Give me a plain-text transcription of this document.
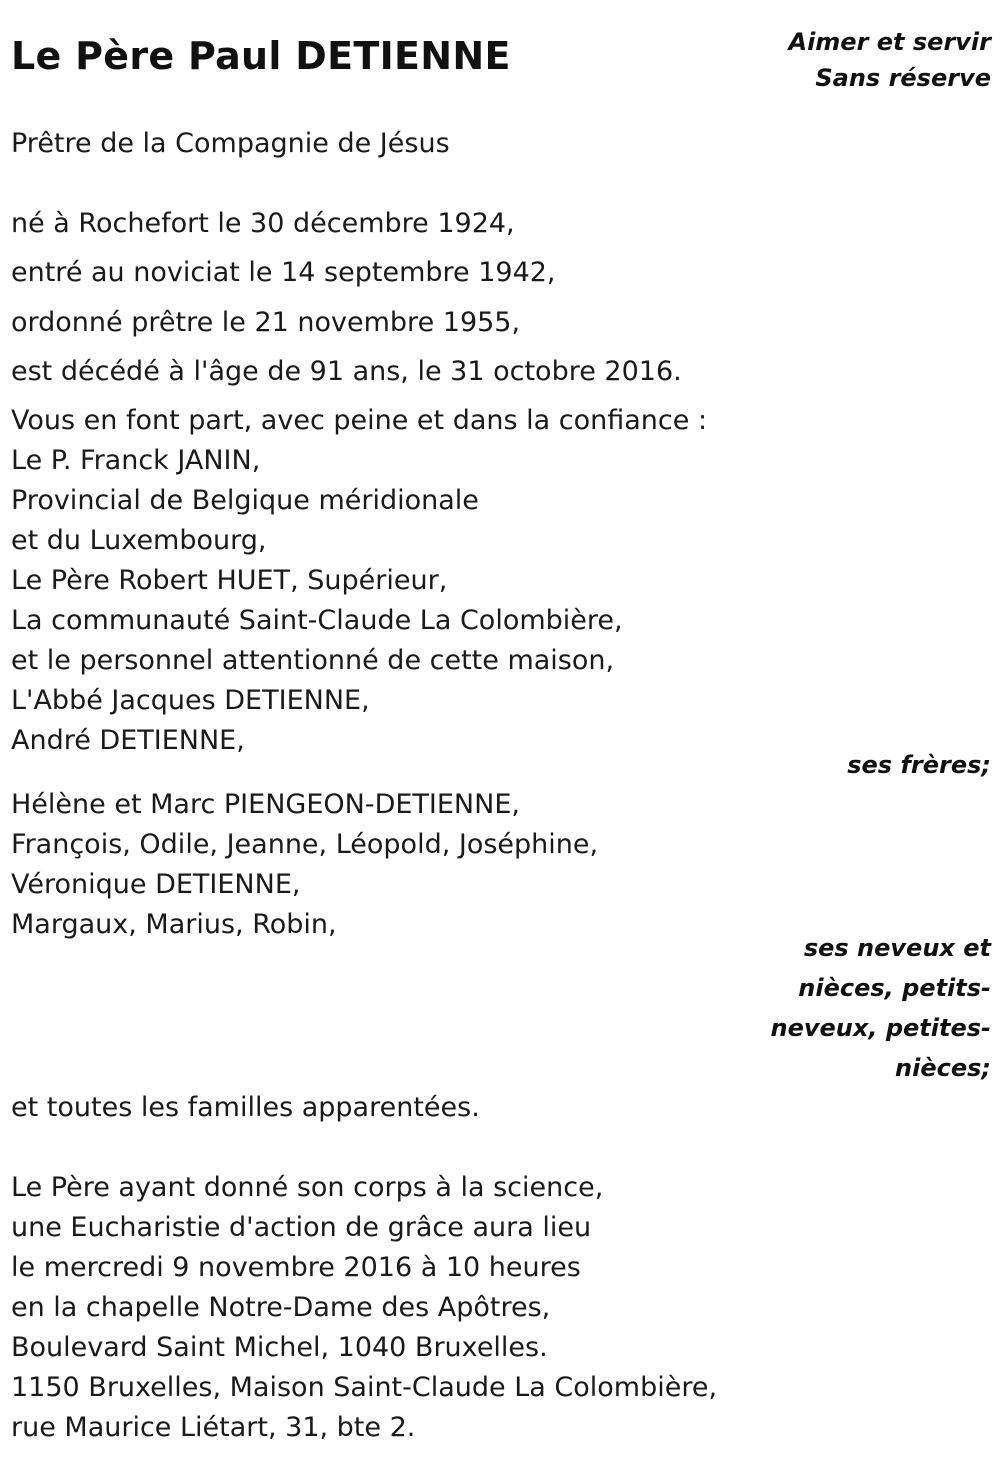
Le Père Paul DETIENNE	Aimer et servir
Sans réserve
Prêtre de la Compagnie de Jésus
né à Rochefort le 30 décembre 1924,
entré au noviciat le 14 septembre 1942,
ordonné prêtre le 21 novembre 1955,
est décédé à l'âge de 91 ans, le 31 octobre 2016.
Vous en font part, avec peine et dans la confiance :
Le P. Franck JANIN,
Provincial de Belgique méridionale
et du Luxembourg,
Le Père Robert HUET, Supérieur,
La communauté Saint-Claude La Colombière,
et le personnel attentionné de cette maison,
L'Abbé Jacques DETIENNE,
André DETIENNE,
ses frères;
Hélène et Marc PIENGEON-DETIENNE,
François, Odile, Jeanne, Léopold, Joséphine,
Véronique DETIENNE,
Margaux, Marius, Robin,
ses neveux et
nièces, petits-
neveux, petites-
nièces;
et toutes les familles apparentées.
Le Père ayant donné son corps à la science,
une Eucharistie d'action de grâce aura lieu
le mercredi 9 novembre 2016 à 10 heures
en la chapelle Notre-Dame des Apôtres,
Boulevard Saint Michel, 1040 Bruxelles.
1150 Bruxelles, Maison Saint-Claude La Colombière,
rue Maurice Liétart, 31, bte 2.
